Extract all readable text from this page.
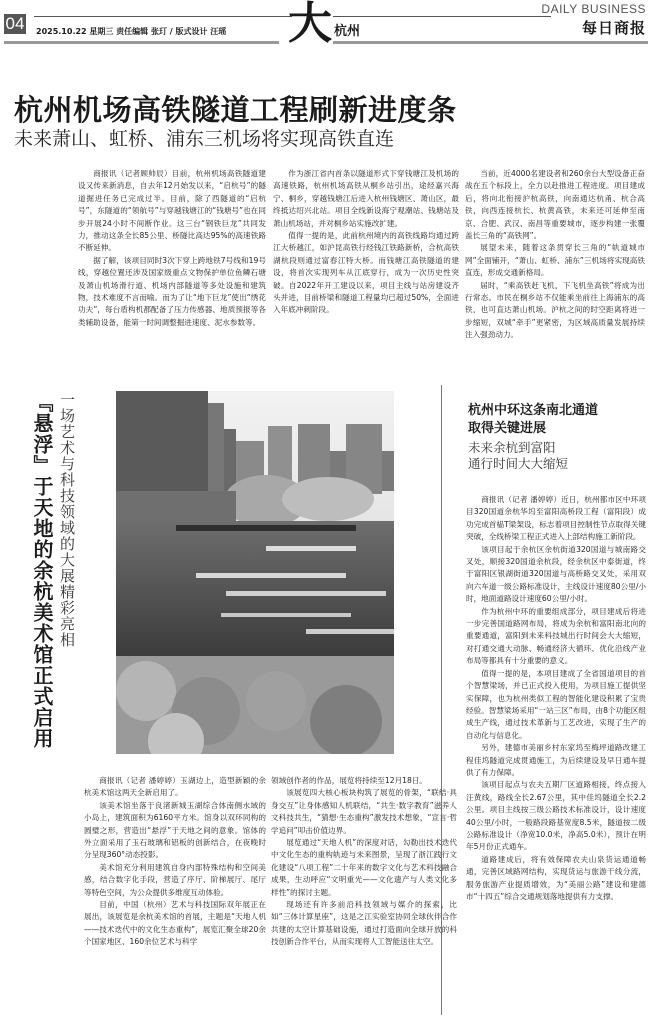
04 2025.10.22 星期三 责任编辑 张玎 / 版式设计 汪瑶 大 杭州
DAILY BUSINESS
每日商报
杭州机场高铁隧道工程刷新进度条
未来萧山、虹桥、浦东三机场将实现高铁直连

商报讯（记者顾帅辰）目前，杭州机场高铁隧道建设又传来新消息，自去年12月始发以来，“启杭号”的隧道掘进任务已完成过半。目前，除了西隧道的“启杭号”，东隧道的“领航号”与穿越钱塘江的“钱塘号”也在同步开展24小时不间断作业。这三台“钢铁巨龙”共同发力，推动这条全长85公里、桥隧比高达95%的高速铁路不断延伸。

据了解，该项目同时3次下穿上跨地铁7号线和19号线，穿越位置还涉及国家级重点文物保护单位鱼鳞石塘及萧山机场滑行道、机场内部隧道等多处设施和建筑物，技术难度不言而喻。而为了让“地下巨龙”使出“绣花功夫”，每台盾构机都配备了压力传感器、地质预报等各类辅助设备，能第一时间调整掘进速度、泥水参数等。

作为浙江省内首条以隧道形式下穿钱塘江及机场的高速铁路，杭州机场高铁从桐乡站引出，途经嘉兴海宁、桐乡，穿越钱塘江后进入杭州钱塘区、萧山区，最终抵达绍兴北站。项目全线新设海宁观潮站、钱塘站及萧山机场站，并对桐乡站实施改扩建。

值得一提的是，此前杭州境内的高铁线路均通过跨江大桥越江，如沪昆高铁行经钱江铁路新桥，合杭高铁湖杭段则通过富春江特大桥。而钱塘江高铁隧道的建设，将首次实现列车从江底穿行，成为一次历史性突破。自2022年开工建设以来，项目主线与站房建设齐头并进，目前桥梁和隧道工程量均已超过50%，全面进入年底冲刺阶段。

当前，近4000名建设者和260余台大型设备正奋战在五个标段上，全力以赴推进工程进度。项目建成后，将向北衔接沪杭高铁，向南通达杭甬、杭合高铁，向西连接杭长、杭黄高铁，未来还可延伸至南京、合肥、武汉、南昌等重要城市，逐步构建一张覆盖长三角的“高铁网”。

展望未来，随着这条贯穿长三角的“轨道城市网”全面铺开，“萧山、虹桥、浦东”三机场将实现高铁直连，形成交通新格局。

届时，“乘高铁赶飞机，下飞机坐高铁”将成为出行常态。市民在桐乡站不仅能乘坐前往上海浦东的高铁，也可直达萧山机场。沪杭之间的时空距离将进一步缩短，双城“牵手”更紧密，为区域高质量发展持续注入强劲动力。

『悬浮』于天地的余杭美术馆正式启用 一场艺术与科技领域的大展精彩亮相

商报讯（记者 潘婷婷）玉湖边上，造型新颖的余杭美术馆这两天全新启用了。

该美术馆坐落于良渚新城玉湖综合体南侧水域的小岛上，建筑面积为6160平方米。馆身以双环同构的圆璧之形，营造出“悬浮”于天地之间的意象。馆体的外立面采用了玉石玻璃和铝板的创新结合，在夜晚时分呈现360°动态投影。

美术馆充分利用建筑自身内部特殊结构和空间美感，结合数字化手段，营造了序厅、阶梯展厅、尾厅等特色空间，为公众提供多维度互动体验。

目前，中国（杭州）艺术与科技国际双年展正在展出，该展览是余杭美术馆的首展，主题是“天地人机——技术迭代中的文化生态重构”，展览汇聚全球20余个国家地区、160余位艺术与科学

领域创作者的作品，展览将持续至12月18日。

该展览四大核心板块构筑了展览的骨架，“联结·具身交互”让身体感知人机联结，“共生·数字教育”滋养人文科技共生，“猜想·生态重构”激发技术想象，“宣言·哲学追问”叩击价值边界。

展览通过“天地人机”的深度对话，勾勒出技术迭代中文化生态的重构轨迹与未来图景，呈现了浙江践行文化建设“八项工程”二十年来的数字文化与艺术科技融合成果，生动呼应“文明重光——文化遗产与人类文化多样性”的探讨主题。

现场还有许多前沿科技领域与媒介的探索，比如“三体计算星座”，这是之江实验室协同全球伙伴合作共建的太空计算基础设施，通过打造面向全球开放的科技创新合作平台，从而实现将人工智能送往太空。

杭州中环这条南北通道
取得关键进展
未来余杭到富阳
通行时间大大缩短

商报讯（记者 潘婷婷）近日，杭州都市区中环项目320国道余杭华坞至富阳高桥段工程（富阳段）成功完成首榀T梁架设，标志着项目控制性节点取得关键突破，全线桥梁工程正式进入上部结构施工新阶段。

该项目起于余杭区余杭街道320国道与城南路交叉处，顺接320国道余杭段，经余杭区中泰街道，终于富阳区银湖街道320国道与高桥路交叉处，采用双向六车道一级公路标准设计，主线设计速度80公里/小时，地面道路设计速度60公里/小时。

作为杭州中环的重要组成部分，项目建成后将进一步完善国道路网布局，将成为余杭和富阳南北向的重要通道，富阳到未来科技城出行时间会大大缩短，对打通交通大动脉、畅通经济大循环、优化沿线产业布局等都具有十分重要的意义。

值得一提的是，本项目建成了全省国道项目的首个智慧梁场，并已正式投入使用，为项目施工提供坚实保障，也为杭州类似工程的智能化建设积累了宝贵经验。智慧梁场采用“一站三区”布局，由8个功能区组成生产线，通过技术革新与工艺改进，实现了生产的自动化与信息化。

另外，建德市美丽乡村东家坞至梅坪道路改建工程佳坞隧道完成贯通施工，为后续建设及早日通车提供了有力保障。

该项目起点与农夫五期厂区道路相接，终点接入汪黄线，路线全长2.67公里，其中佳坞隧道全长2.2公里。项目主线按三级公路技术标准设计，设计速度40公里/小时，一般路段路基宽度8.5米，隧道按二级公路标准设计（净宽10.0米，净高5.0米），预计在明年5月份正式通车。

道路建成后，将有效保障农夫山泉货运通道畅通，完善区域路网结构，实现货运与旅游干线分流，服务旅游产业提质增效，为“美丽公路”建设和建德市“十四五”综合交通规划落地提供有力支撑。
